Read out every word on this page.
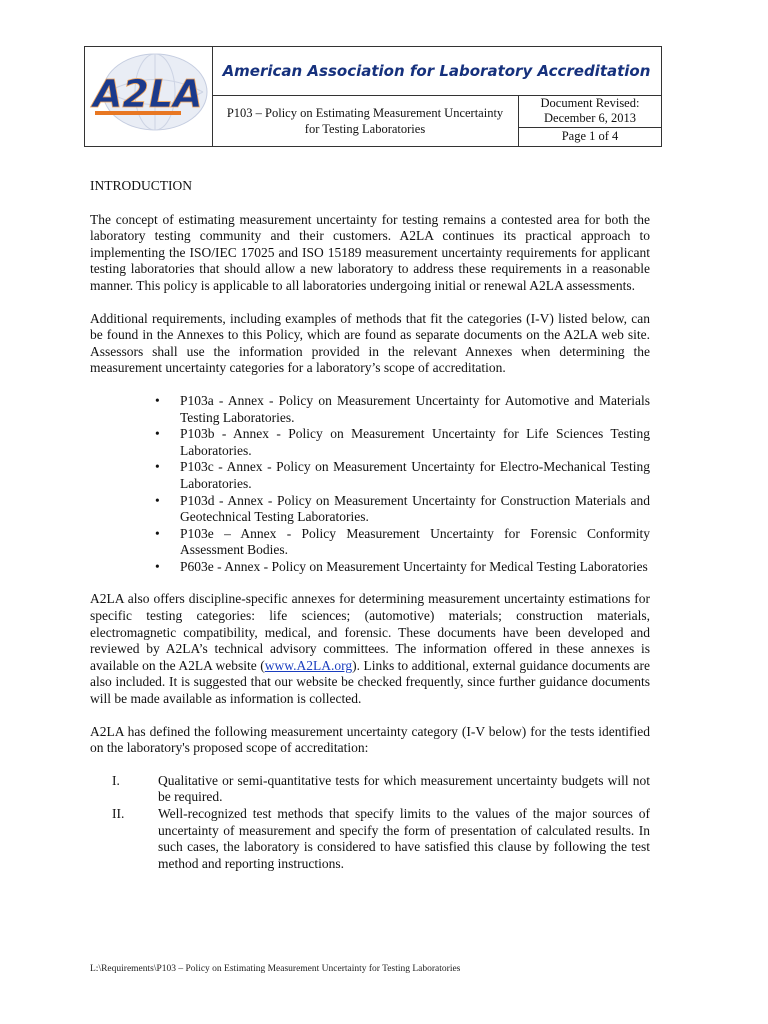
A2LA
American Association for Laboratory Accreditation
P103 – Policy on Estimating Measurement Uncertainty for Testing Laboratories
Document Revised:
December 6, 2013
Page 1 of 4

INTRODUCTION

The concept of estimating measurement uncertainty for testing remains a contested area for both the laboratory testing community and their customers. A2LA continues its practical approach to implementing the ISO/IEC 17025 and ISO 15189 measurement uncertainty requirements for applicant testing laboratories that should allow a new laboratory to address these requirements in a reasonable manner. This policy is applicable to all laboratories undergoing initial or renewal A2LA assessments.

Additional requirements, including examples of methods that fit the categories (I-V) listed below, can be found in the Annexes to this Policy, which are found as separate documents on the A2LA web site. Assessors shall use the information provided in the relevant Annexes when determining the measurement uncertainty categories for a laboratory’s scope of accreditation.

• P103a - Annex - Policy on Measurement Uncertainty for Automotive and Materials Testing Laboratories.
• P103b - Annex - Policy on Measurement Uncertainty for Life Sciences Testing Laboratories.
• P103c - Annex - Policy on Measurement Uncertainty for Electro-Mechanical Testing Laboratories.
• P103d - Annex - Policy on Measurement Uncertainty for Construction Materials and Geotechnical Testing Laboratories.
• P103e – Annex - Policy Measurement Uncertainty for Forensic Conformity Assessment Bodies.
• P603e - Annex - Policy on Measurement Uncertainty for Medical Testing Laboratories

A2LA also offers discipline-specific annexes for determining measurement uncertainty estimations for specific testing categories: life sciences; (automotive) materials; construction materials, electromagnetic compatibility, medical, and forensic. These documents have been developed and reviewed by A2LA’s technical advisory committees. The information offered in these annexes is available on the A2LA website (www.A2LA.org). Links to additional, external guidance documents are also included. It is suggested that our website be checked frequently, since further guidance documents will be made available as information is collected.

A2LA has defined the following measurement uncertainty category (I-V below) for the tests identified on the laboratory's proposed scope of accreditation:

I.	Qualitative or semi-quantitative tests for which measurement uncertainty budgets will not be required.
II. Well-recognized test methods that specify limits to the values of the major sources of uncertainty of measurement and specify the form of presentation of calculated results. In such cases, the laboratory is considered to have satisfied this clause by following the test method and reporting instructions.
L:\Requirements\P103 – Policy on Estimating Measurement Uncertainty for Testing Laboratories
